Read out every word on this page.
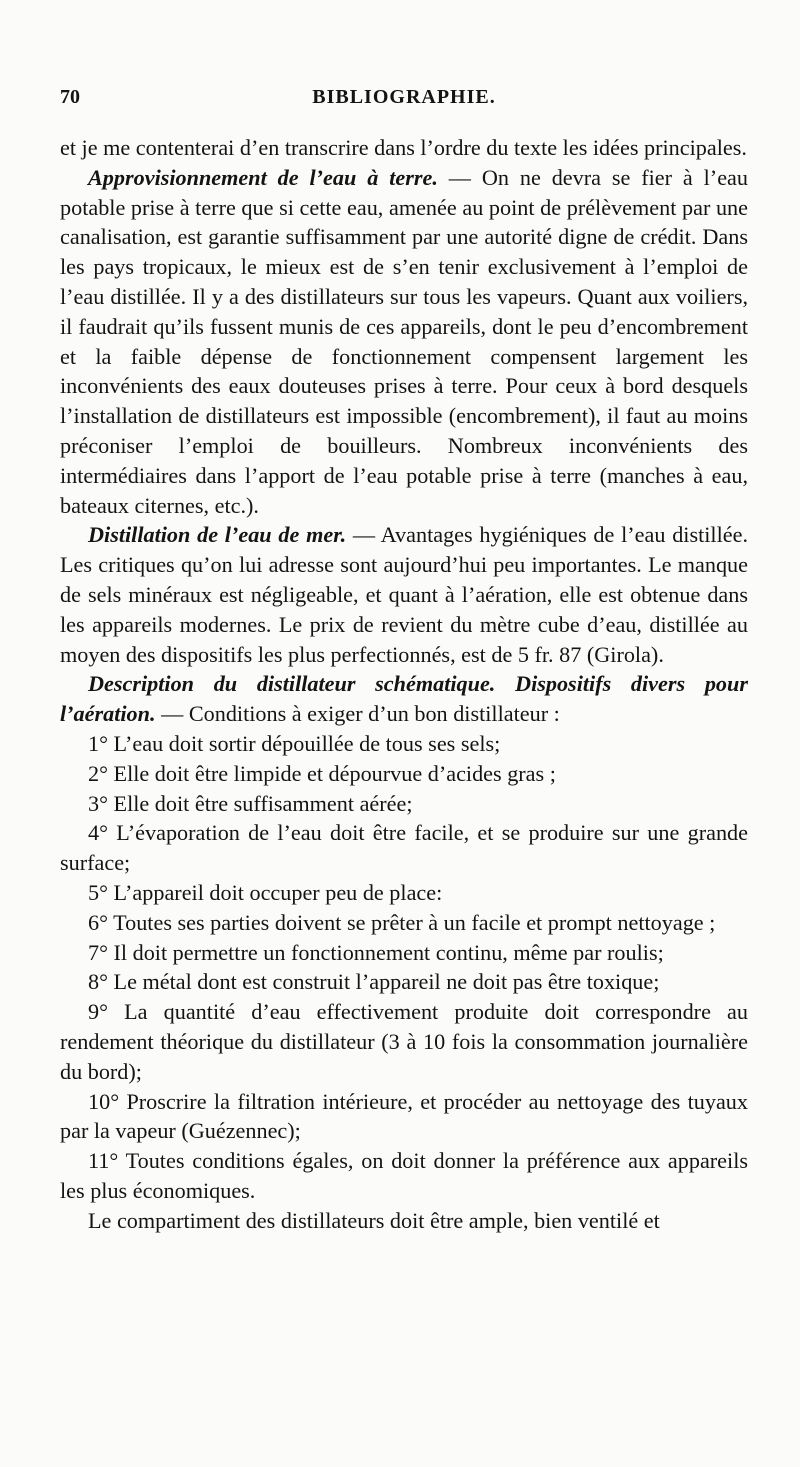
70	BIBLIOGRAPHIE.

et je me contenterai d’en transcrire dans l’ordre du texte les idées principales.

Approvisionnement de l’eau à terre. — On ne devra se fier à l’eau potable prise à terre que si cette eau, amenée au point de prélèvement par une canalisation, est garantie suffisamment par une autorité digne de crédit. Dans les pays tropicaux, le mieux est de s’en tenir exclusivement à l’emploi de l’eau distillée. Il y a des distillateurs sur tous les vapeurs. Quant aux voiliers, il faudrait qu’ils fussent munis de ces appareils, dont le peu d’encombrement et la faible dépense de fonctionnement compensent largement les inconvénients des eaux douteuses prises à terre. Pour ceux à bord desquels l’installation de distillateurs est impossible (encombrement), il faut au moins préconiser l’emploi de bouilleurs. Nombreux inconvénients des intermédiaires dans l’apport de l’eau potable prise à terre (manches à eau, bateaux citernes, etc.).

Distillation de l’eau de mer. — Avantages hygiéniques de l’eau distillée. Les critiques qu’on lui adresse sont aujourd’hui peu importantes. Le manque de sels minéraux est négligeable, et quant à l’aération, elle est obtenue dans les appareils modernes. Le prix de revient du mètre cube d’eau, distillée au moyen des dispositifs les plus perfectionnés, est de 5 fr. 87 (Girola).

Description du distillateur schématique. Dispositifs divers pour l’aération. — Conditions à exiger d’un bon distillateur :

1° L’eau doit sortir dépouillée de tous ses sels;

2° Elle doit être limpide et dépourvue d’acides gras ;

3° Elle doit être suffisamment aérée;

4° L’évaporation de l’eau doit être facile, et se produire sur une grande surface;

5° L’appareil doit occuper peu de place:

6° Toutes ses parties doivent se prêter à un facile et prompt nettoyage ;

7° Il doit permettre un fonctionnement continu, même par roulis;

8° Le métal dont est construit l’appareil ne doit pas être toxique;

9° La quantité d’eau effectivement produite doit correspondre au rendement théorique du distillateur (3 à 10 fois la consommation journalière du bord);

10° Proscrire la filtration intérieure, et procéder au nettoyage des tuyaux par la vapeur (Guézennec);

11° Toutes conditions égales, on doit donner la préférence aux appareils les plus économiques.

Le compartiment des distillateurs doit être ample, bien ventilé et
